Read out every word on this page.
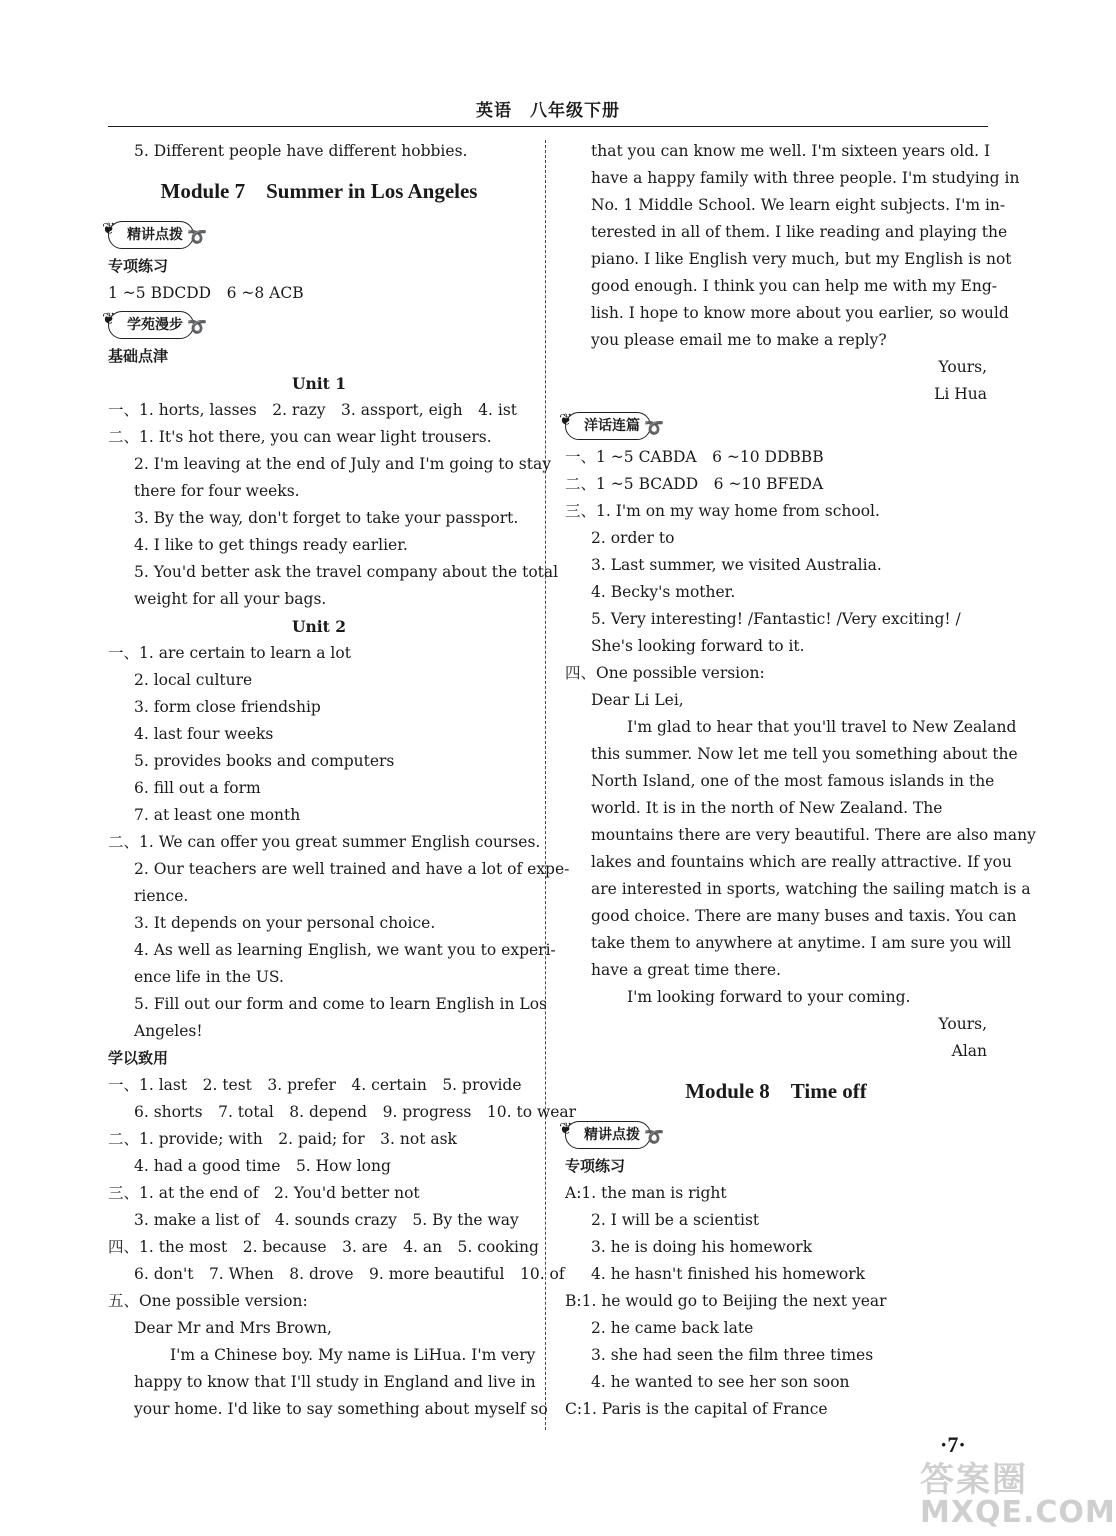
英语　八年级下册
5. Different people have different hobbies.
Module 7　Summer in Los Angeles
❦ 精讲点拨 ➰
专项练习
1 ~5 BDCDD　6 ~8 ACB
❦ 学苑漫步 ➰
基础点津
Unit 1
一、1. horts, lasses　2. razy　3. assport, eigh　4. ist
二、1. It's hot there, you can wear light trousers.
2. I'm leaving at the end of July and I'm going to stay
there for four weeks.
3. By the way, don't forget to take your passport.
4. I like to get things ready earlier.
5. You'd better ask the travel company about the total
weight for all your bags.
Unit 2
一、1. are certain to learn a lot
2. local culture
3. form close friendship
4. last four weeks
5. provides books and computers
6. fill out a form
7. at least one month
二、1. We can offer you great summer English courses.
2. Our teachers are well trained and have a lot of expe-
rience.
3. It depends on your personal choice.
4. As well as learning English, we want you to experi-
ence life in the US.
5. Fill out our form and come to learn English in Los
Angeles!
学以致用
一、1. last　2. test　3. prefer　4. certain　5. provide
6. shorts　7. total　8. depend　9. progress　10. to wear
二、1. provide; with　2. paid; for　3. not ask
4. had a good time　5. How long
三、1. at the end of　2. You'd better not
3. make a list of　4. sounds crazy　5. By the way
四、1. the most　2. because　3. are　4. an　5. cooking
6. don't　7. When　8. drove　9. more beautiful　10. of
五、One possible version:
Dear Mr and Mrs Brown,
I'm a Chinese boy. My name is LiHua. I'm very
happy to know that I'll study in England and live in
your home. I'd like to say something about myself so
that you can know me well. I'm sixteen years old. I
have a happy family with three people. I'm studying in
No. 1 Middle School. We learn eight subjects. I'm in-
terested in all of them. I like reading and playing the
piano. I like English very much, but my English is not
good enough. I think you can help me with my Eng-
lish. I hope to know more about you earlier, so would
you please email me to make a reply?
Yours,
Li Hua
❦ 洋话连篇 ➰
一、1 ~5 CABDA　6 ~10 DDBBB
二、1 ~5 BCADD　6 ~10 BFEDA
三、1. I'm on my way home from school.
2. order to
3. Last summer, we visited Australia.
4. Becky's mother.
5. Very interesting! /Fantastic! /Very exciting! /
She's looking forward to it.
四、One possible version:
Dear Li Lei,
I'm glad to hear that you'll travel to New Zealand
this summer. Now let me tell you something about the
North Island, one of the most famous islands in the
world. It is in the north of New Zealand. The
mountains there are very beautiful. There are also many
lakes and fountains which are really attractive. If you
are interested in sports, watching the sailing match is a
good choice. There are many buses and taxis. You can
take them to anywhere at anytime. I am sure you will
have a great time there.
I'm looking forward to your coming.
Yours,
Alan
Module 8　Time off
❦ 精讲点拨 ➰
专项练习
A:1. the man is right
2. I will be a scientist
3. he is doing his homework
4. he hasn't finished his homework
B:1. he would go to Beijing the next year
2. he came back late
3. she had seen the film three times
4. he wanted to see her son soon
C:1. Paris is the capital of France
·7·
答案圈
MXQE.COM
